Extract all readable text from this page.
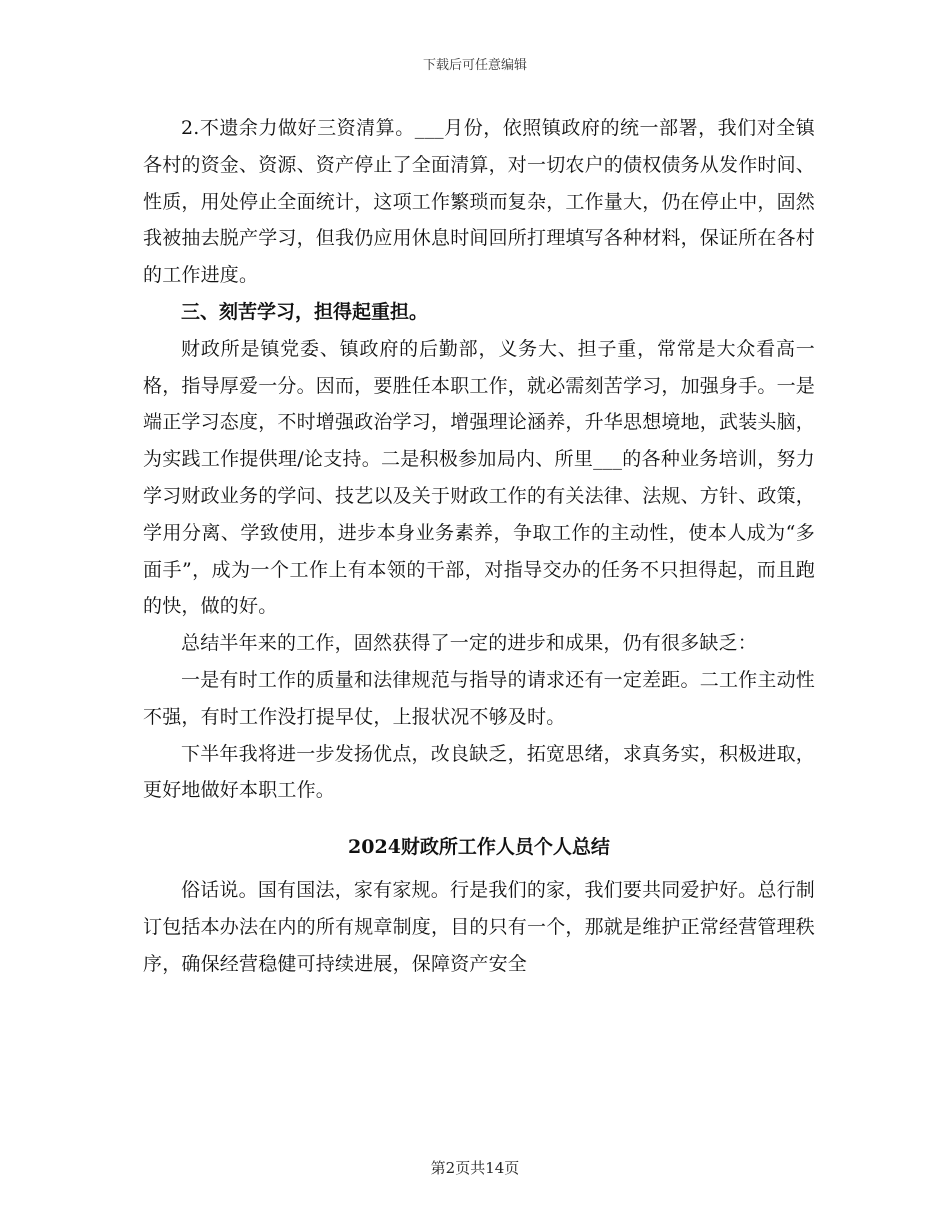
下载后可任意编辑

2.不遗余力做好三资清算。___月份，依照镇政府的统一部署，我们对全镇各村的资金、资源、资产停止了全面清算，对一切农户的债权债务从发作时间、性质，用处停止全面统计，这项工作繁琐而复杂，工作量大，仍在停止中，固然我被抽去脱产学习，但我仍应用休息时间回所打理填写各种材料，保证所在各村的工作进度。

三、刻苦学习，担得起重担。

财政所是镇党委、镇政府的后勤部，义务大、担子重，常常是大众看高一格，指导厚爱一分。因而，要胜任本职工作，就必需刻苦学习，加强身手。一是端正学习态度，不时增强政治学习，增强理论涵养，升华思想境地，武装头脑，为实践工作提供理/论支持。二是积极参加局内、所里___的各种业务培训，努力学习财政业务的学问、技艺以及关于财政工作的有关法律、法规、方针、政策，学用分离、学致使用，进步本身业务素养，争取工作的主动性，使本人成为“多面手”，成为一个工作上有本领的干部，对指导交办的任务不只担得起，而且跑的快，做的好。

总结半年来的工作，固然获得了一定的进步和成果，仍有很多缺乏：

一是有时工作的质量和法律规范与指导的请求还有一定差距。二工作主动性不强，有时工作没打提早仗，上报状况不够及时。

下半年我将进一步发扬优点，改良缺乏，拓宽思绪，求真务实，积极进取，更好地做好本职工作。

2024财政所工作人员个人总结

俗话说。国有国法，家有家规。行是我们的家，我们要共同爱护好。总行制订包括本办法在内的所有规章制度，目的只有一个，那就是维护正常经营管理秩序，确保经营稳健可持续进展，保障资产安全

第2页共14页
